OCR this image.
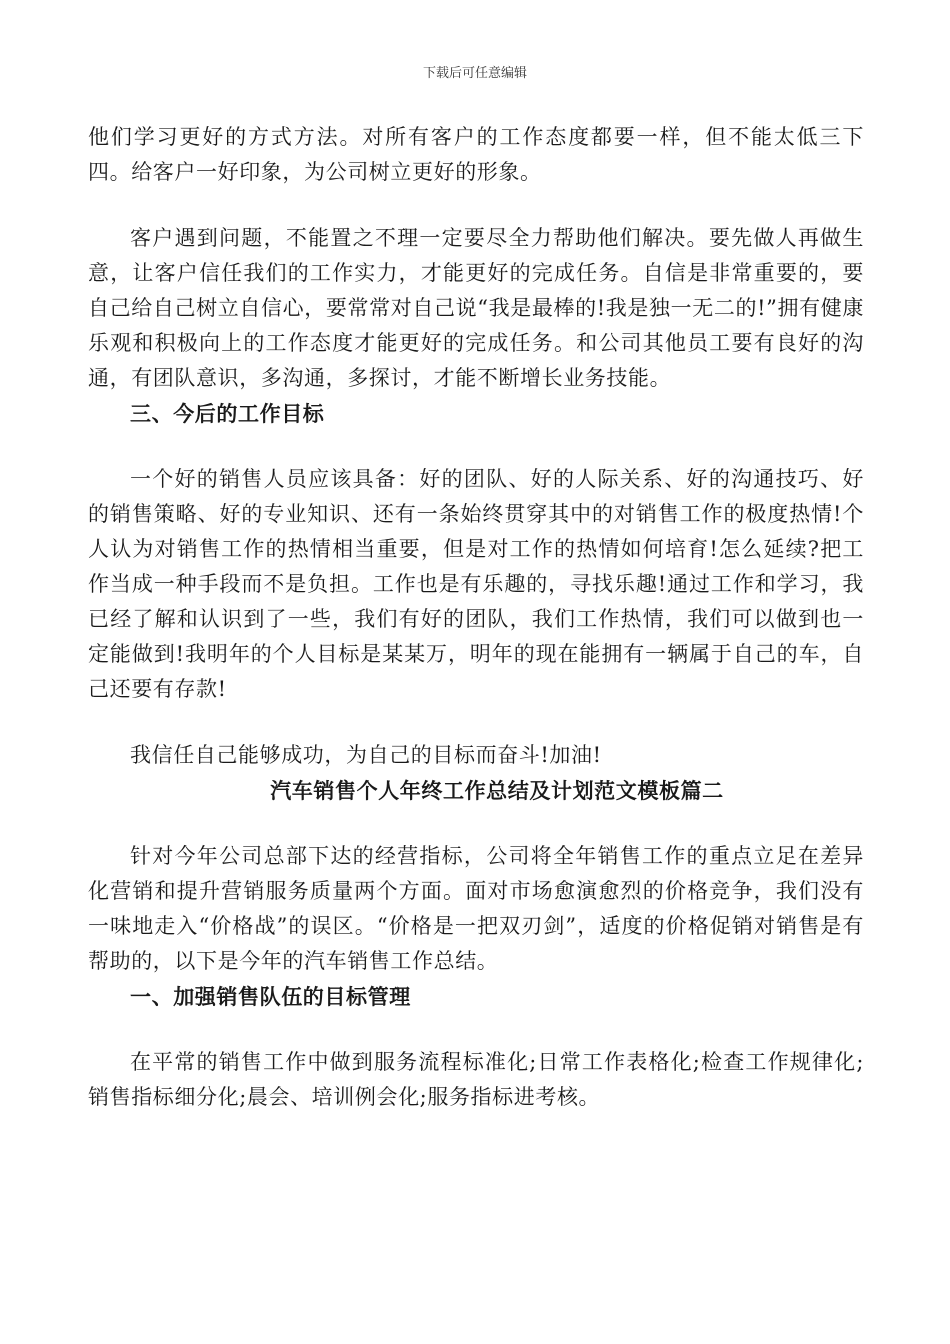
下载后可任意编辑

他们学习更好的方式方法。对所有客户的工作态度都要一样，但不能太低三下四。给客户一好印象，为公司树立更好的形象。

客户遇到问题，不能置之不理一定要尽全力帮助他们解决。要先做人再做生意，让客户信任我们的工作实力，才能更好的完成任务。自信是非常重要的，要自己给自己树立自信心，要常常对自己说“我是最棒的!我是独一无二的!”拥有健康乐观和积极向上的工作态度才能更好的完成任务。和公司其他员工要有良好的沟通，有团队意识，多沟通，多探讨，才能不断增长业务技能。

三、今后的工作目标

一个好的销售人员应该具备：好的团队、好的人际关系、好的沟通技巧、好的销售策略、好的专业知识、还有一条始终贯穿其中的对销售工作的极度热情!个人认为对销售工作的热情相当重要，但是对工作的热情如何培育!怎么延续?把工作当成一种手段而不是负担。工作也是有乐趣的，寻找乐趣!通过工作和学习，我已经了解和认识到了一些，我们有好的团队，我们工作热情，我们可以做到也一定能做到!我明年的个人目标是某某万，明年的现在能拥有一辆属于自己的车，自己还要有存款!

我信任自己能够成功，为自己的目标而奋斗!加油!

汽车销售个人年终工作总结及计划范文模板篇二

针对今年公司总部下达的经营指标，公司将全年销售工作的重点立足在差异化营销和提升营销服务质量两个方面。面对市场愈演愈烈的价格竞争，我们没有一味地走入“价格战”的误区。“价格是一把双刃剑”，适度的价格促销对销售是有帮助的，以下是今年的汽车销售工作总结。

一、加强销售队伍的目标管理

在平常的销售工作中做到服务流程标准化;日常工作表格化;检查工作规律化;销售指标细分化;晨会、培训例会化;服务指标进考核。
